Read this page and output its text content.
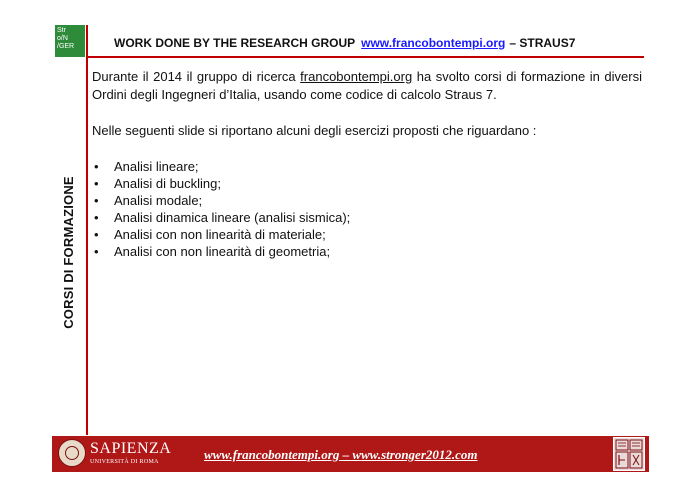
Str
o/N
/GER	WORK DONE BY THE RESEARCH GROUP www.francobontempi.org – STRAUS7
CORSI DI FORMAZIONE

Durante il 2014 il gruppo di ricerca francobontempi.org ha svolto corsi di formazione in diversi Ordini degli Ingegneri d’Italia, usando come codice di calcolo Straus 7.

Nelle seguenti slide si riportano alcuni degli esercizi proposti che riguardano :

• Analisi lineare;
• Analisi di buckling;
• Analisi modale;
• Analisi dinamica lineare (analisi sismica);
• Analisi con non linearità di materiale;
• Analisi con non linearità di geometria;
SAPIENZA
UNIVERSITÀ DI ROMA	www.francobontempi.org – www.stronger2012.com
